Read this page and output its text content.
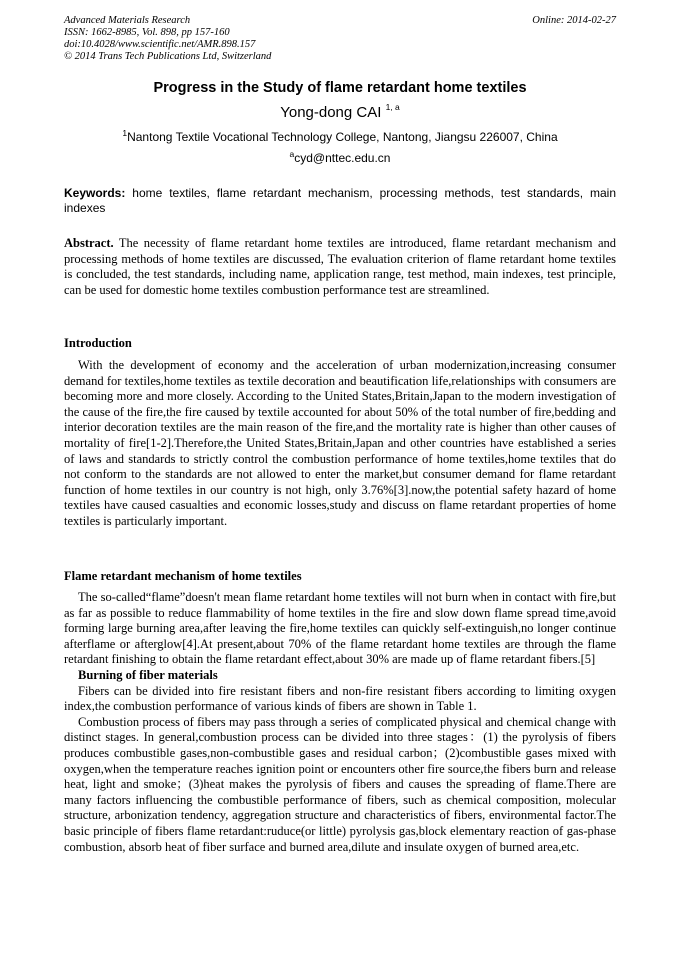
Advanced Materials Research
ISSN: 1662-8985, Vol. 898, pp 157-160
doi:10.4028/www.scientific.net/AMR.898.157
© 2014 Trans Tech Publications Ltd, Switzerland
Online: 2014-02-27
Progress in the Study of flame retardant home textiles
Yong-dong CAI $^{1, a}$
$^1$Nantong Textile Vocational Technology College, Nantong, Jiangsu 226007, China
$^a$cyd@nttec.edu.cn
Keywords: home textiles, flame retardant mechanism, processing methods, test standards, main indexes
Abstract. The necessity of flame retardant home textiles are introduced, flame retardant mechanism and processing methods of home textiles are discussed, The evaluation criterion of flame retardant home textiles is concluded, the test standards, including name, application range, test method, main indexes, test principle, can be used for domestic home textiles combustion performance test are streamlined.
Introduction
With the development of economy and the acceleration of urban modernization,increasing consumer demand for textiles,home textiles as textile decoration and beautification life,relationships with consumers are becoming more and more closely. According to the United States,Britain,Japan to the modern investigation of the cause of the fire,the fire caused by textile accounted for about 50% of the total number of fire,bedding and interior decoration textiles are the main reason of the fire,and the mortality rate is higher than other causes of mortality of fire[1-2].Therefore,the United States,Britain,Japan and other countries have established a series of laws and standards to strictly control the combustion performance of home textiles,home textiles that do not conform to the standards are not allowed to enter the market,but consumer demand for flame retardant function of home textiles in our country is not high, only 3.76%[3].now,the potential safety hazard of home textiles have caused casualties and economic losses,study and discuss on flame retardant properties of home textiles is particularly important.
Flame retardant mechanism of home textiles

The so-called“flame”doesn't mean flame retardant home textiles will not burn when in contact with fire,but as far as possible to reduce flammability of home textiles in the fire and slow down flame spread time,avoid forming large burning area,after leaving the fire,home textiles can quickly self-extinguish,no longer continue afterflame or afterglow[4].At present,about 70% of the flame retardant home textiles are through the flame retardant finishing to obtain the flame retardant effect,about 30% are made up of flame retardant fibers.[5]

Burning of fiber materials

Fibers can be divided into fire resistant fibers and non-fire resistant fibers according to limiting oxygen index,the combustion performance of various kinds of fibers are shown in Table 1.

Combustion process of fibers may pass through a series of complicated physical and chemical change with distinct stages. In general,combustion process can be divided into three stages：(1) the pyrolysis of fibers produces combustible gases,non-combustible gases and residual carbon；(2)combustible gases mixed with oxygen,when the temperature reaches ignition point or encounters other fire source,the fibers burn and release heat, light and smoke；(3)heat makes the pyrolysis of fibers and causes the spreading of flame.There are many factors influencing the combustible performance of fibers, such as chemical composition, molecular structure, arbonization tendency, aggregation structure and characteristics of fibers, environmental factor.The basic principle of fibers flame retardant:ruduce(or little) pyrolysis gas,block elementary reaction of gas-phase combustion, absorb heat of fiber surface and burned area,dilute and insulate oxygen of burned area,etc.
